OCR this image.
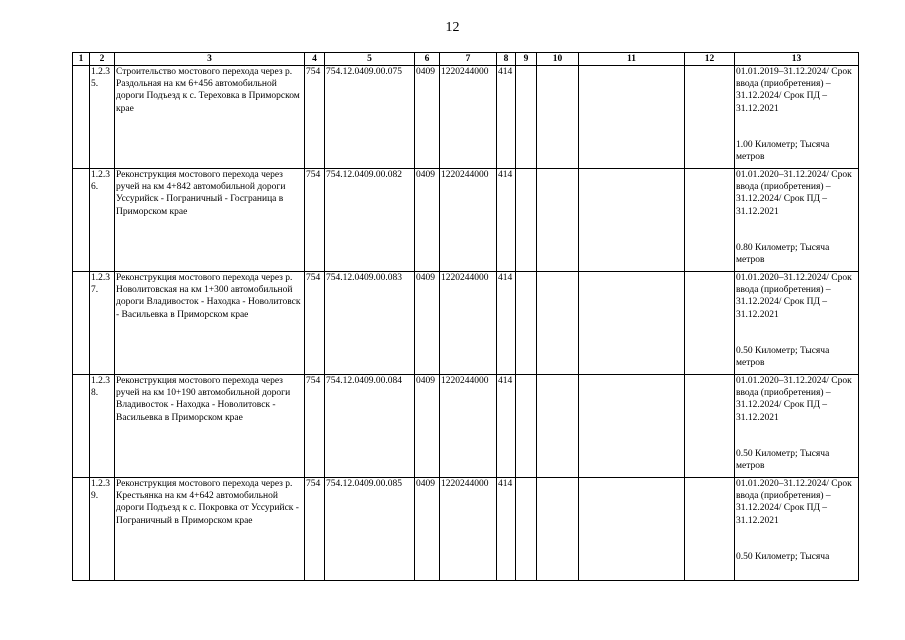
12
1	2	3	4	5	6	7	8	9	10	11	12	13
	1.2.3 5.	Строительство мостового перехода через р. Раздольная на км 6+456 автомобильной дороги Подъезд к с. Тереховка в Приморском крае	754	754.12.0409.00.075	0409	1220244000	414					01.01.2019–31.12.2024/ Срок ввода (приобретения) – 31.12.2024/ Срок ПД – 31.12.2021
1.00 Километр; Тысяча метров
	1.2.3 6.	Реконструкция мостового перехода через ручей на км 4+842 автомобильной дороги Уссурийск - Пограничный - Госграница в Приморском крае	754	754.12.0409.00.082	0409	1220244000	414					01.01.2020–31.12.2024/ Срок ввода (приобретения) – 31.12.2024/ Срок ПД – 31.12.2021
0.80 Километр; Тысяча метров
	1.2.3 7.	Реконструкция мостового перехода через р. Новолитовская на км 1+300 автомобильной дороги Владивосток - Находка - Новолитовск - Васильевка в Приморском крае	754	754.12.0409.00.083	0409	1220244000	414					01.01.2020–31.12.2024/ Срок ввода (приобретения) – 31.12.2024/ Срок ПД – 31.12.2021
0.50 Километр; Тысяча метров
	1.2.3 8.	Реконструкция мостового перехода через ручей на км 10+190 автомобильной дороги Владивосток - Находка - Новолитовск - Васильевка в Приморском крае	754	754.12.0409.00.084	0409	1220244000	414					01.01.2020–31.12.2024/ Срок ввода (приобретения) – 31.12.2024/ Срок ПД – 31.12.2021
0.50 Километр; Тысяча метров
	1.2.3 9.	Реконструкция мостового перехода через р. Крестьянка на км 4+642 автомобильной дороги Подъезд к с. Покровка от Уссурийск - Пограничный в Приморском крае	754	754.12.0409.00.085	0409	1220244000	414					01.01.2020–31.12.2024/ Срок ввода (приобретения) – 31.12.2024/ Срок ПД – 31.12.2021
0.50 Километр; Тысяча
